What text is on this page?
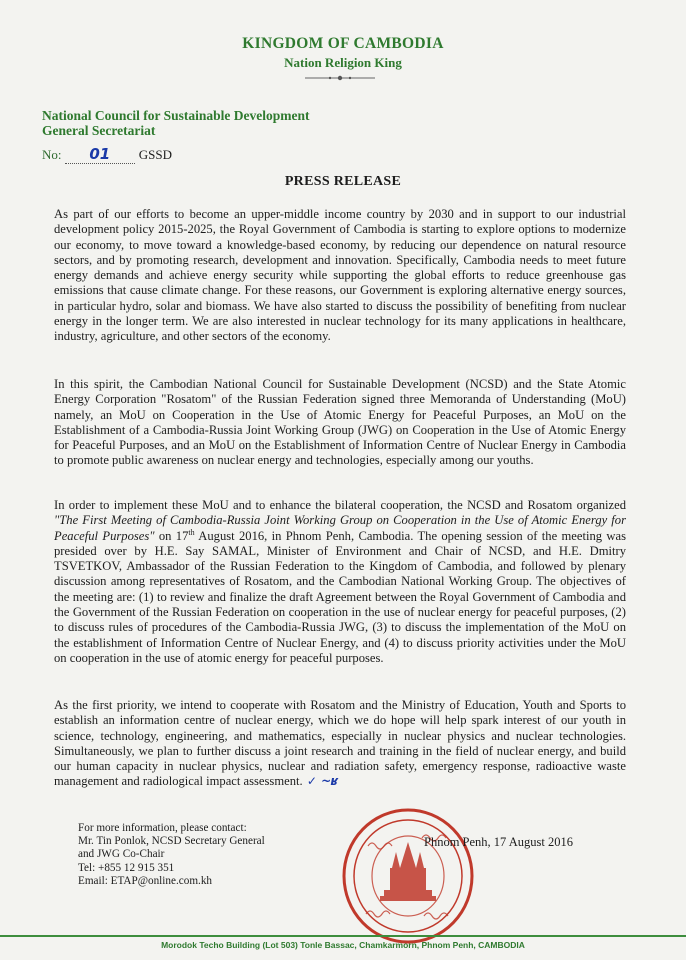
KINGDOM OF CAMBODIA
Nation Religion King
National Council for Sustainable Development
General Secretariat
No: 01 GSSD
PRESS RELEASE

As part of our efforts to become an upper-middle income country by 2030 and in support to our industrial development policy 2015-2025, the Royal Government of Cambodia is starting to explore options to modernize our economy, to move toward a knowledge-based economy, by reducing our dependence on natural resource sectors, and by promoting research, development and innovation. Specifically, Cambodia needs to meet future energy demands and achieve energy security while supporting the global efforts to reduce greenhouse gas emissions that cause climate change. For these reasons, our Government is exploring alternative energy sources, in particular hydro, solar and biomass. We have also started to discuss the possibility of benefiting from nuclear energy in the longer term. We are also interested in nuclear technology for its many applications in healthcare, industry, agriculture, and other sectors of the economy.

In this spirit, the Cambodian National Council for Sustainable Development (NCSD) and the State Atomic Energy Corporation "Rosatom" of the Russian Federation signed three Memoranda of Understanding (MoU) namely, an MoU on Cooperation in the Use of Atomic Energy for Peaceful Purposes, an MoU on the Establishment of a Cambodia-Russia Joint Working Group (JWG) on Cooperation in the Use of Atomic Energy for Peaceful Purposes, and an MoU on the Establishment of Information Centre of Nuclear Energy in Cambodia to promote public awareness on nuclear energy and technologies, especially among our youths.

In order to implement these MoU and to enhance the bilateral cooperation, the NCSD and Rosatom organized "The First Meeting of Cambodia-Russia Joint Working Group on Cooperation in the Use of Atomic Energy for Peaceful Purposes" on 17th August 2016, in Phnom Penh, Cambodia. The opening session of the meeting was presided over by H.E. Say SAMAL, Minister of Environment and Chair of NCSD, and H.E. Dmitry TSVETKOV, Ambassador of the Russian Federation to the Kingdom of Cambodia, and followed by plenary discussion among representatives of Rosatom, and the Cambodian National Working Group. The objectives of the meeting are: (1) to review and finalize the draft Agreement between the Royal Government of Cambodia and the Government of the Russian Federation on cooperation in the use of nuclear energy for peaceful purposes, (2) to discuss rules of procedures of the Cambodia-Russia JWG, (3) to discuss the implementation of the MoU on the establishment of Information Centre of Nuclear Energy, and (4) to discuss priority activities under the MoU on cooperation in the use of atomic energy for peaceful purposes.

As the first priority, we intend to cooperate with Rosatom and the Ministry of Education, Youth and Sports to establish an information centre of nuclear energy, which we do hope will help spark interest of our youth in science, technology, engineering, and mathematics, especially in nuclear physics and nuclear technologies. Simultaneously, we plan to further discuss a joint research and training in the field of nuclear energy, and build our human capacity in nuclear physics, nuclear and radiation safety, emergency response, radioactive waste management and radiological impact assessment. ✓ ~ʁ

For more information, please contact:
Mr. Tin Ponlok, NCSD Secretary General
and JWG Co-Chair
Tel: +855 12 915 351
Email: ETAP@online.com.kh
Phnom Penh, 17 August 2016
Morodok Techo Building (Lot 503) Tonle Bassac, Chamkarmorn, Phnom Penh, CAMBODIA
